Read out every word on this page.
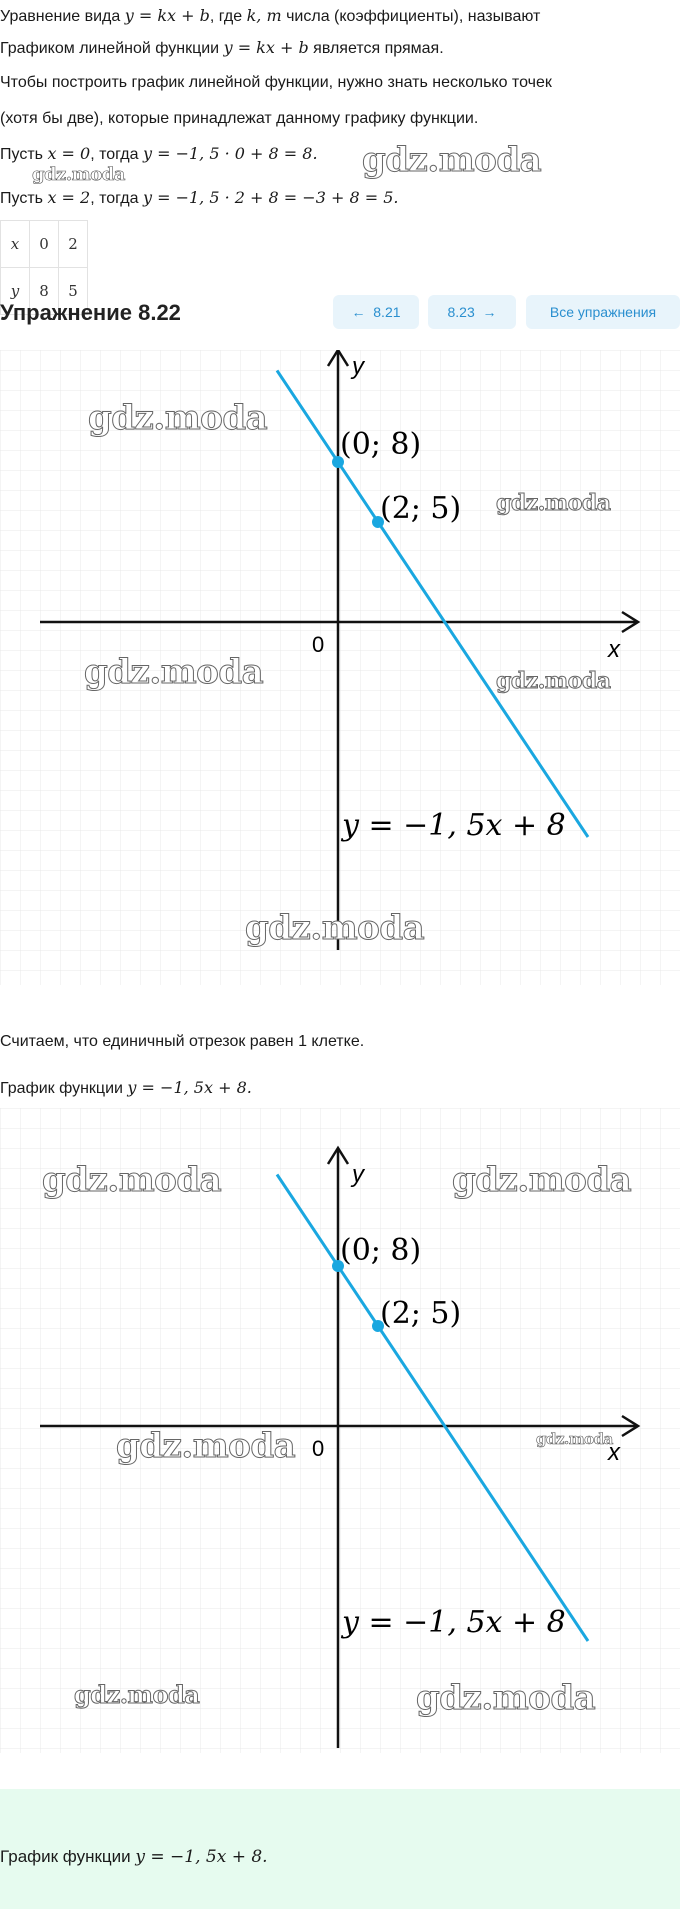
Уравнение вида y = kx + b, где k, m числа (коэффициенты), называют
Графиком линейной функции y = kx + b является прямая.
Чтобы построить график линейной функции, нужно знать несколько точек
(хотя бы две), которые принадлежат данному графику функции.
Пусть x = 0, тогда y = −1, 5 · 0 + 8 = 8.
Пусть x = 2, тогда y = −1, 5 · 2 + 8 = −3 + 8 = 5.
gdz.moda
gdz.moda
x	0	2
y	8	5
Упражнение 8.22	← 8.21	8.23 →	Все упражнения
y
x
0
(0; 8)
(2; 5)
y = −1, 5x + 8
gdz.moda
gdz.moda
gdz.moda	gdz.moda
gdz.moda
Считаем, что единичный отрезок равен 1 клетке.
График функции y = −1, 5x + 8.
y
x
0
(0; 8)
(2; 5)
y = −1, 5x + 8
gdz.moda	gdz.moda
gdz.moda	gdz.moda
gdz.moda	gdz.moda
График функции y = −1, 5x + 8.
